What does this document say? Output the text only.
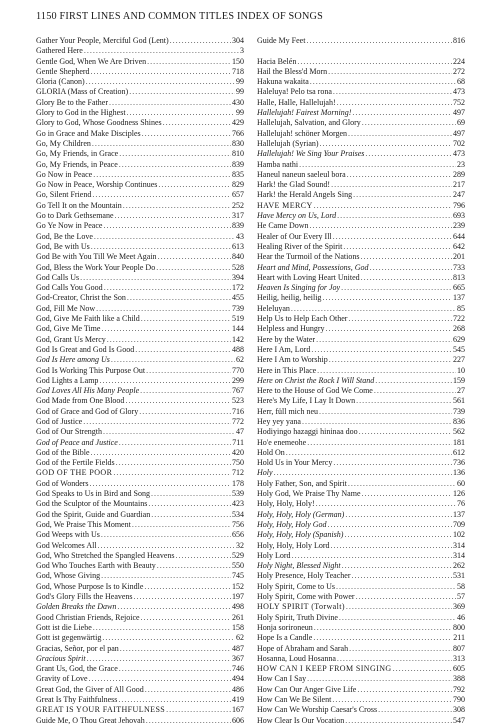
1150 FIRST LINES AND COMMON TITLES INDEX OF SONGS
Gather Your People, Merciful God (Lent) .....	304
Gathered Here .....	3
Gentle God, When We Are Driven .....	150
Gentle Shepherd .....	718
Gloria (Canon) .....	99
GLORIA (Mass of Creation) .....	99
Glory Be to the Father .....	430
Glory to God in the Highest .....	99
Glory to God, Whose Goodness Shines .....	429
Go in Grace and Make Disciples .....	766
Go, My Children .....	830
Go, My Friends, in Grace .....	810
Go, My Friends, in Peace .....	839
Go Now in Peace .....	835
Go Now in Peace, Worship Continues .....	829
Go, Silent Friend .....	657
Go Tell It on the Mountain .....	252
Go to Dark Gethsemane .....	317
Go Ye Now in Peace .....	839
God, Be the Love .....	43
God, Be with Us .....	613
God Be with You Till We Meet Again .....	840
God, Bless the Work Your People Do .....	528
God Calls Us .....	394
God Calls You Good .....	172
God-Creator, Christ the Son .....	455
God, Fill Me Now .....	739
God, Give Me Faith like a Child .....	519
God, Give Me Time .....	144
God, Grant Us Mercy .....	142
God Is Great and God Is Good .....	488
God Is Here among Us .....	62
God Is Working This Purpose Out .....	770
God Lights a Lamp .....	299
God Loves All His Many People .....	767
God Made from One Blood .....	523
God of Grace and God of Glory .....	716
God of Justice .....	772
God of Our Strength .....	47
God of Peace and Justice .....	711
God of the Bible .....	420
God of the Fertile Fields .....	750
GOD OF THE POOR .....	712
God of Wonders .....	178
God Speaks to Us in Bird and Song .....	539
God the Sculptor of the Mountains .....	423
God the Spirit, Guide and Guardian .....	534
God, We Praise This Moment .....	756
God Weeps with Us .....	656
God Welcomes All .....	32
God, Who Stretched the Spangled Heavens .....	529
God Who Touches Earth with Beauty .....	550
God, Whose Giving .....	745
God, Whose Purpose Is to Kindle .....	152
God's Glory Fills the Heavens .....	197
Golden Breaks the Dawn .....	498
Good Christian Friends, Rejoice .....	261
Gott ist die Liebe .....	158
Gott ist gegenwärtig .....	62
Gracias, Señor, por el pan .....	487
Gracious Spirit .....	367
Grant Us, God, the Grace .....	746
Gravity of Love .....	494
Great God, the Giver of All Good .....	486
Great Is Thy Faithfulness .....	419
GREAT IS YOUR FAITHFULNESS .....	167
Guide Me, O Thou Great Jehovah .....	606
Guide My Feet .....	816
Hacia Belén .....	224
Hail the Bless'd Morn .....	272
Hakuna wakaita .....	68
Haleluya! Pelo tsa rona .....	473
Halle, Halle, Hallelujah! .....	752
Hallelujah! Fairest Morning! .....	497
Hallelujah, Salvation, and Glory .....	69
Hallelujah! schöner Morgen .....	497
Hallelujah (Syrian) .....	702
Hallelujah! We Sing Your Praises .....	473
Hamba nathi .....	23
Haneul naneun saeleul bora .....	289
Hark! the Glad Sound! .....	217
Hark! the Herald Angels Sing .....	247
HAVE MERCY .....	796
Have Mercy on Us, Lord .....	693
He Came Down .....	239
Healer of Our Every Ill .....	644
Healing River of the Spirit .....	642
Hear the Turmoil of the Nations .....	201
Heart and Mind, Possessions, God .....	733
Heart with Loving Heart United .....	813
Heaven Is Singing for Joy .....	665
Heilig, heilig, heilig .....	137
Heleluyan .....	85
Help Us to Help Each Other .....	722
Helpless and Hungry .....	268
Here by the Water .....	629
Here I Am, Lord .....	545
Here I Am to Worship .....	227
Here in This Place .....	10
Here on Christ the Rock I Will Stand .....	159
Here to the House of God We Come .....	27
Here's My Life, I Lay It Down .....	561
Herr, füll mich neu .....	739
Hey yey yana .....	836
Hodiyingo hazaggi hininaa doo .....	562
Ho'e enemeohe .....	181
Hold On .....	612
Hold Us in Your Mercy .....	736
Holy .....	136
Holy Father, Son, and Spirit .....	60
Holy God, We Praise Thy Name .....	126
Holy, Holy, Holy! .....	76
Holy, Holy, Holy (German) .....	137
Holy, Holy, Holy God .....	709
Holy, Holy, Holy (Spanish) .....	102
Holy, Holy, Holy Lord .....	314
Holy Lord .....	314
Holy Night, Blessed Night .....	262
Holy Presence, Holy Teacher .....	531
Holy Spirit, Come to Us .....	58
Holy Spirit, Come with Power .....	57
HOLY SPIRIT (Torwalt) .....	369
Holy Spirit, Truth Divine .....	46
Honja sorironeun .....	800
Hope Is a Candle .....	211
Hope of Abraham and Sarah .....	807
Hosanna, Loud Hosanna .....	313
HOW CAN I KEEP FROM SINGING .....	605
How Can I Say .....	388
How Can Our Anger Give Life .....	792
How Can We Be Silent .....	790
How Can We Worship Caesar's Cross .....	308
How Clear Is Our Vocation .....	547
